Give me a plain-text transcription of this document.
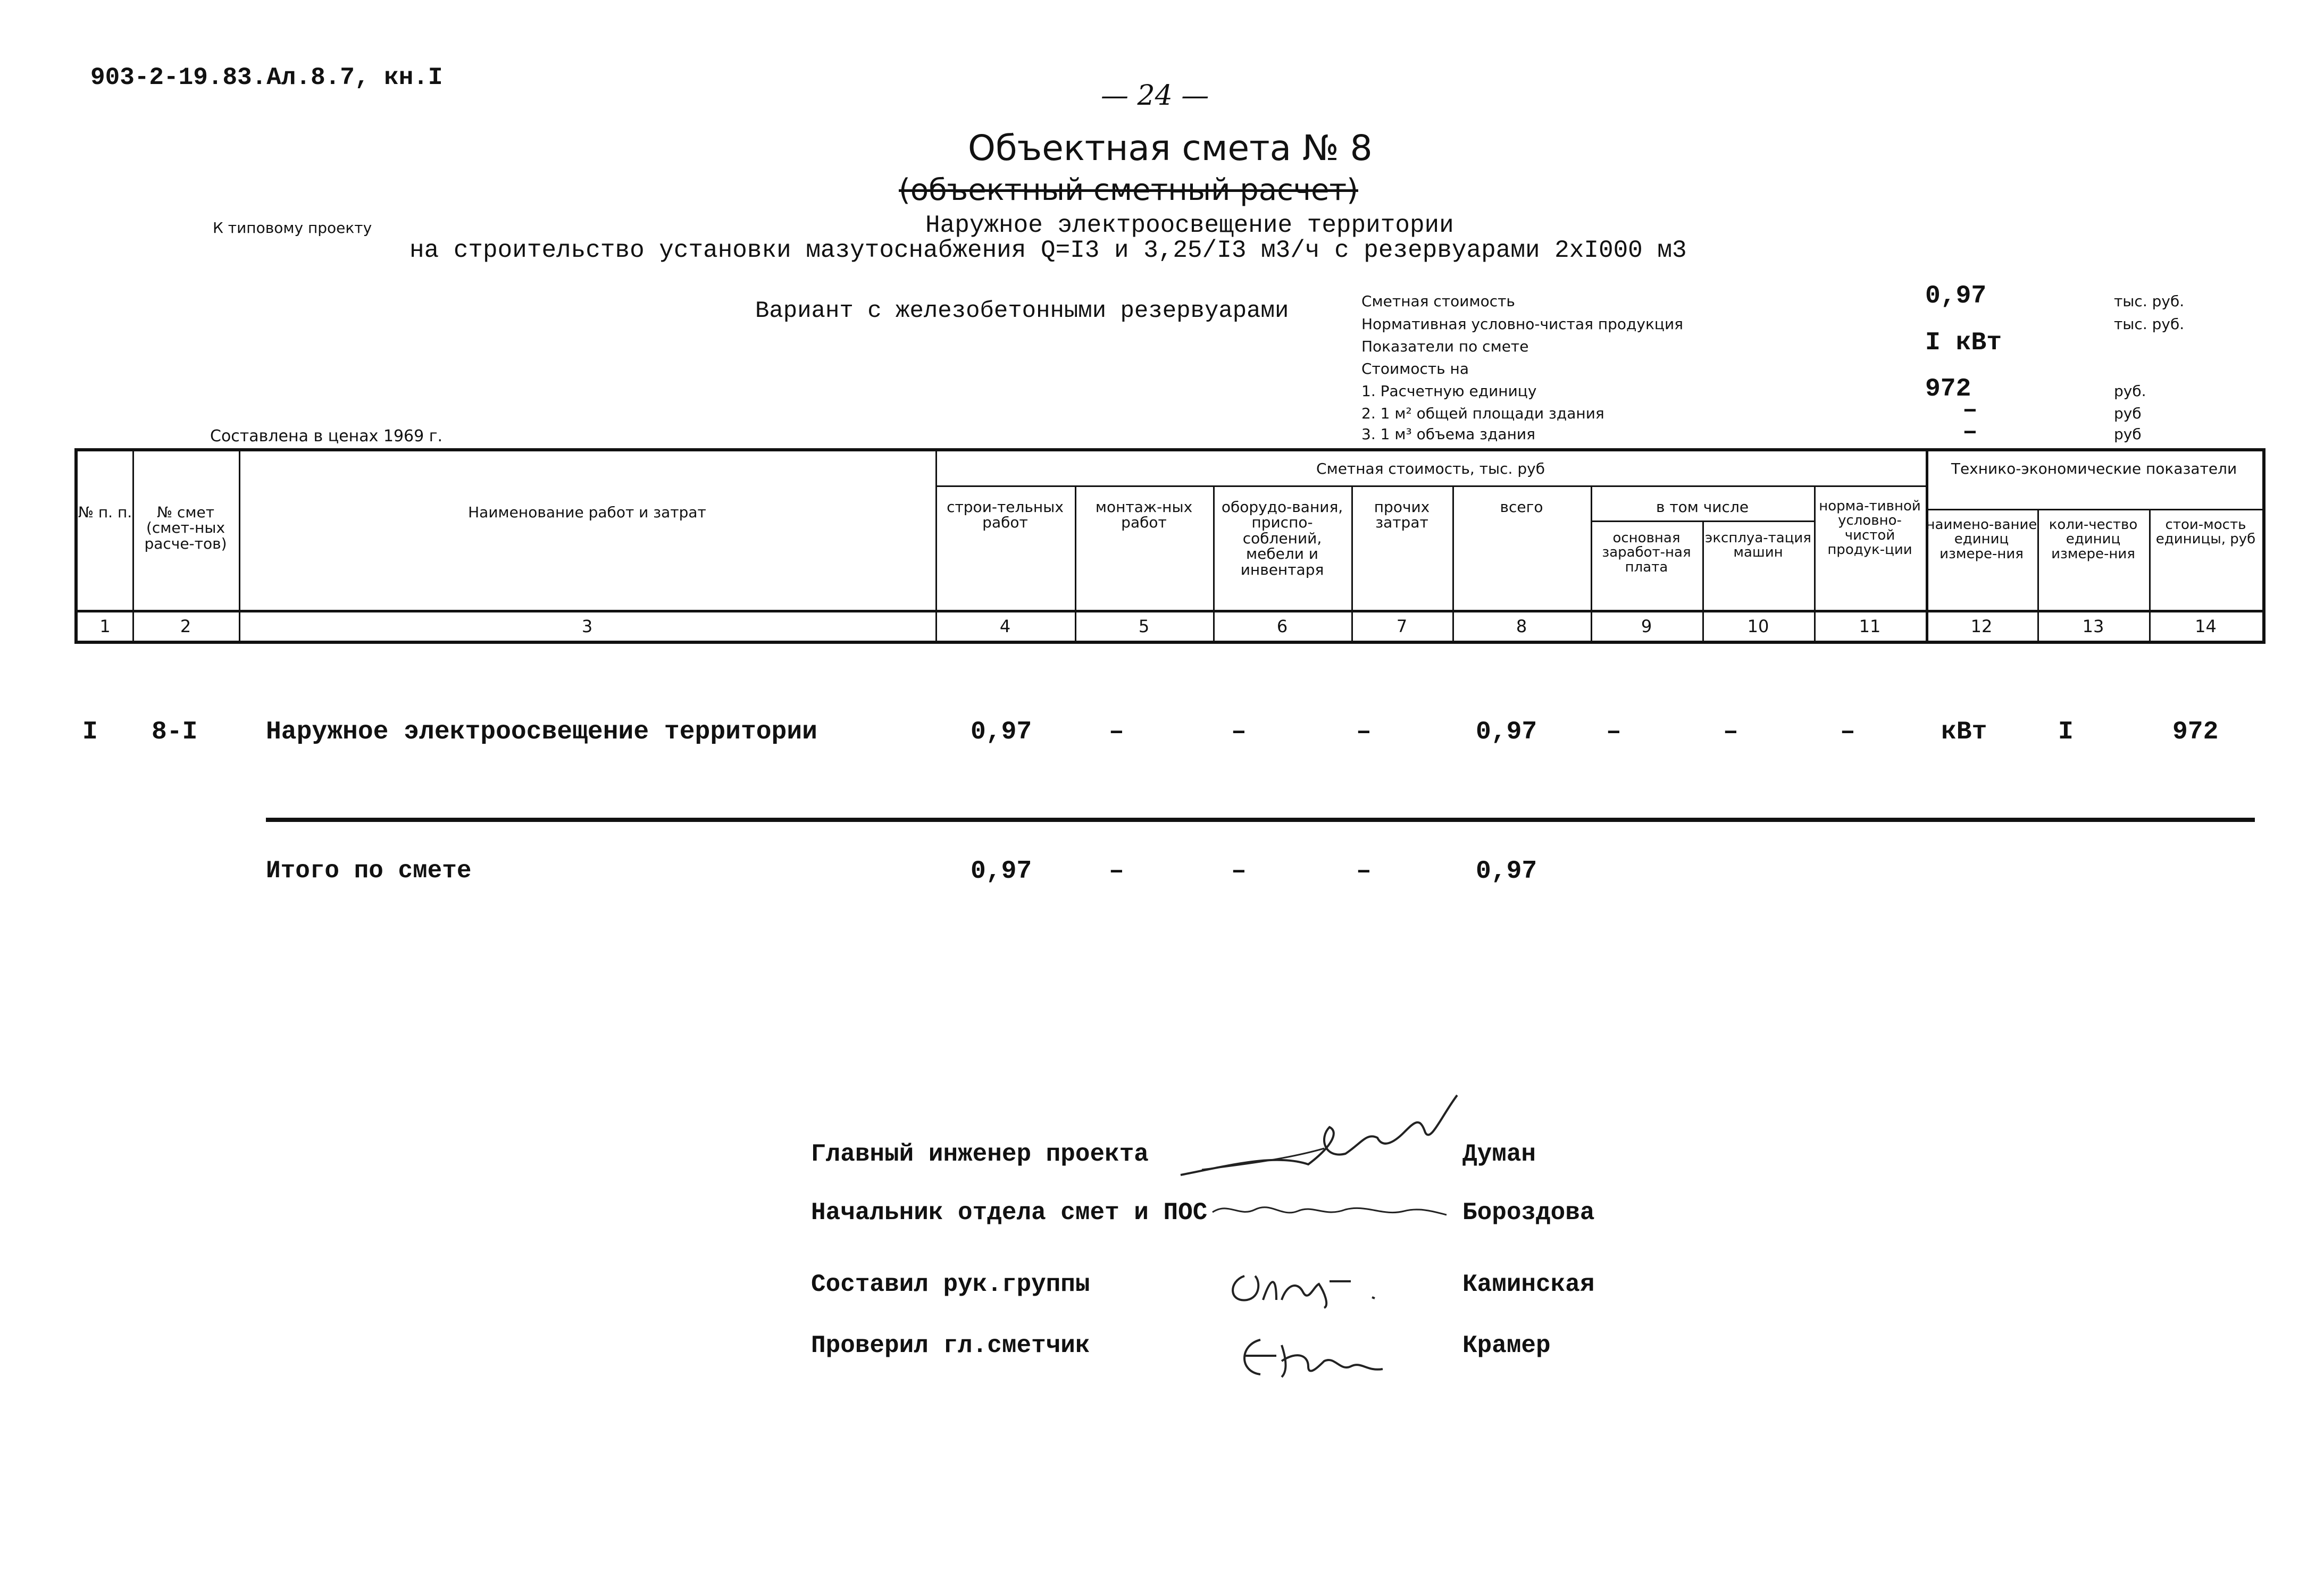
903-2-19.83.Ал.8.7, кн.I
— 24 —
Объектная смета № 8
(объектный сметный расчет)
К типовому проекту	Наружное электроосвещение территории
на строительство установки мазутоснабжения Q=I3 и 3,25/I3 м3/ч с резервуарами 2хI000 м3
Вариант с железобетонными резервуарами
Составлена в ценах 1969 г.
Сметная стоимость	0,97	тыс. руб.
Нормативная условно-чистая продукция	тыс. руб.
Показатели по смете	I кВт
Стоимость на
1. Расчетную единицу	972	руб.
2. 1 м² общей площади здания	–	руб
3. 1 м³ объема здания	–	руб
№ п. п.	№ смет (смет-ных расче-тов)
Наименование работ и затрат
Сметная стоимость, тыс. руб
строи-тельных работ
монтаж-ных работ
оборудо-вания, приспо-соблений, мебели и инвентаря
прочих затрат
всего	в том числе
основная заработ-ная плата
эксплуа-тация машин
норма-тивной условно-чистой продук-ции
Технико-экономические показатели
наимено-вание единиц измере-ния
коли-чество единиц измере-ния
стои-мость единицы, руб
1	2	3	4	5	6	7	8	9	10	11	12	13	14
I 8-I	Наружное электроосвещение территории	0,97	–	–	–	0,97	–	–	–	кВт	I	972
Итого по смете	0,97	–	–	–	0,97
Главный инженер проекта	Думан
Начальник отдела смет и ПОС	Бороздова
Составил рук.группы	Каминская
Проверил гл.сметчик	Крамер
